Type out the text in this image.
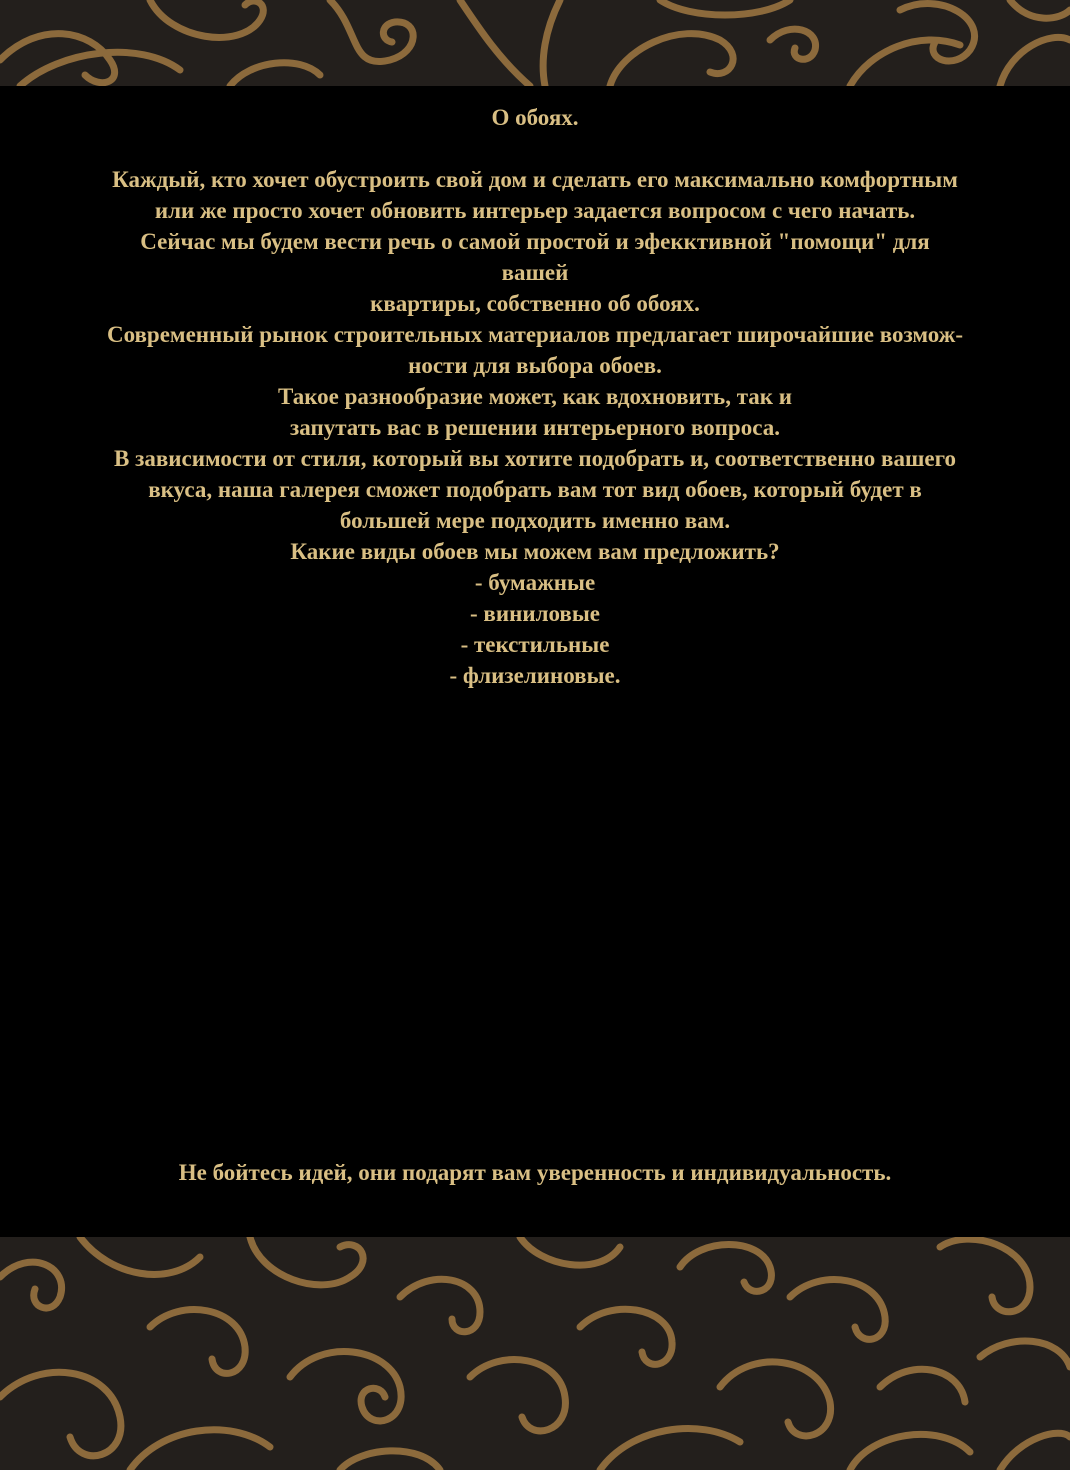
О обоях.
Каждый, кто хочет обустроить свой дом и сделать его максимально комфортным
или же просто хочет обновить интерьер задается вопросом с чего начать.
Сейчас мы будем вести речь о самой простой и эфекктивной "помощи" для
вашей
квартиры, собственно об обоях.
Современный рынок строительных материалов предлагает широчайшие возмож-
ности для выбора обоев.
Такое разнообразие может, как вдохновить, так и
запутать вас в решении интерьерного вопроса.
В зависимости от стиля, который вы хотите подобрать и, соответственно вашего
вкуса, наша галерея сможет подобрать вам тот вид обоев, который будет в
большей мере подходить именно вам.
Какие виды обоев мы можем вам предложить?
- бумажные
- виниловые
- текстильные
- флизелиновые.
Не бойтесь идей, они подарят вам уверенность и индивидуальность.
